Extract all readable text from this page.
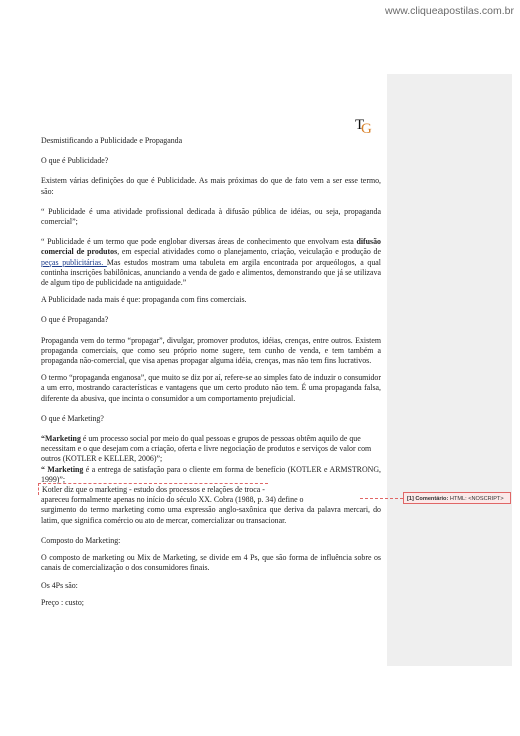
www.cliqueapostilas.com.br
[1] Comentário: HTML: <NOSCRIPT>
T
G

Desmistificando a Publicidade e Propaganda

O que é Publicidade?

Existem várias definições do que é Publicidade. As mais próximas do que de fato vem a ser esse termo, são:

“ Publicidade é uma atividade profissional dedicada à difusão pública de idéias, ou seja, propaganda comercial”;

“ Publicidade é um termo que pode englobar diversas áreas de conhecimento que envolvam esta difusão comercial de produtos, em especial atividades como o planejamento, criação, veiculação e produção de peças publicitárias. Mas estudos mostram uma tabuleta em argila encontrada por arqueólogos, a qual continha inscrições babilônicas, anunciando a venda de gado e alimentos, demonstrando que já se utilizava de algum tipo de publicidade na antiguidade.”

A Publicidade nada mais é que: propaganda com fins comerciais.

O que é Propaganda?

Propaganda vem do termo “propagar”, divulgar, promover produtos, idéias, crenças, entre outros. Existem propaganda comerciais, que como seu próprio nome sugere, tem cunho de venda, e tem também a propaganda não-comercial, que visa apenas propagar alguma idéia, crenças, mas não tem fins lucrativos.

O termo “propaganda enganosa”, que muito se diz por aí, refere-se ao simples fato de induzir o consumidor a um erro, mostrando características e vantagens que um certo produto não tem. É uma propaganda falsa, diferente da abusiva, que incinta o consumidor a um comportamento prejudicial.

O que é Marketing?

“Marketing é um processo social por meio do qual pessoas e grupos de pessoas obtêm aquilo de que necessitam e o que desejam com a criação, oferta e livre negociação de produtos e serviços de valor com outros (KOTLER e KELLER, 2006)”;

“ Marketing é a entrega de satisfação para o cliente em forma de benefício (KOTLER e ARMSTRONG, 1999)”;

Kotler diz que o marketing - estudo dos processos e relações de troca -
apareceu formalmente apenas no início do século XX. Cobra (1988, p. 34) define o

surgimento do termo marketing como uma expressão anglo-saxônica que deriva da palavra mercari, do latim, que significa comércio ou ato de mercar, comercializar ou transacionar.

Composto do Marketing:

O composto de marketing ou Mix de Marketing, se divide em 4 Ps, que são forma de influência sobre os canais de comercialização o dos consumidores finais.

Os 4Ps são:

Preço : custo;
